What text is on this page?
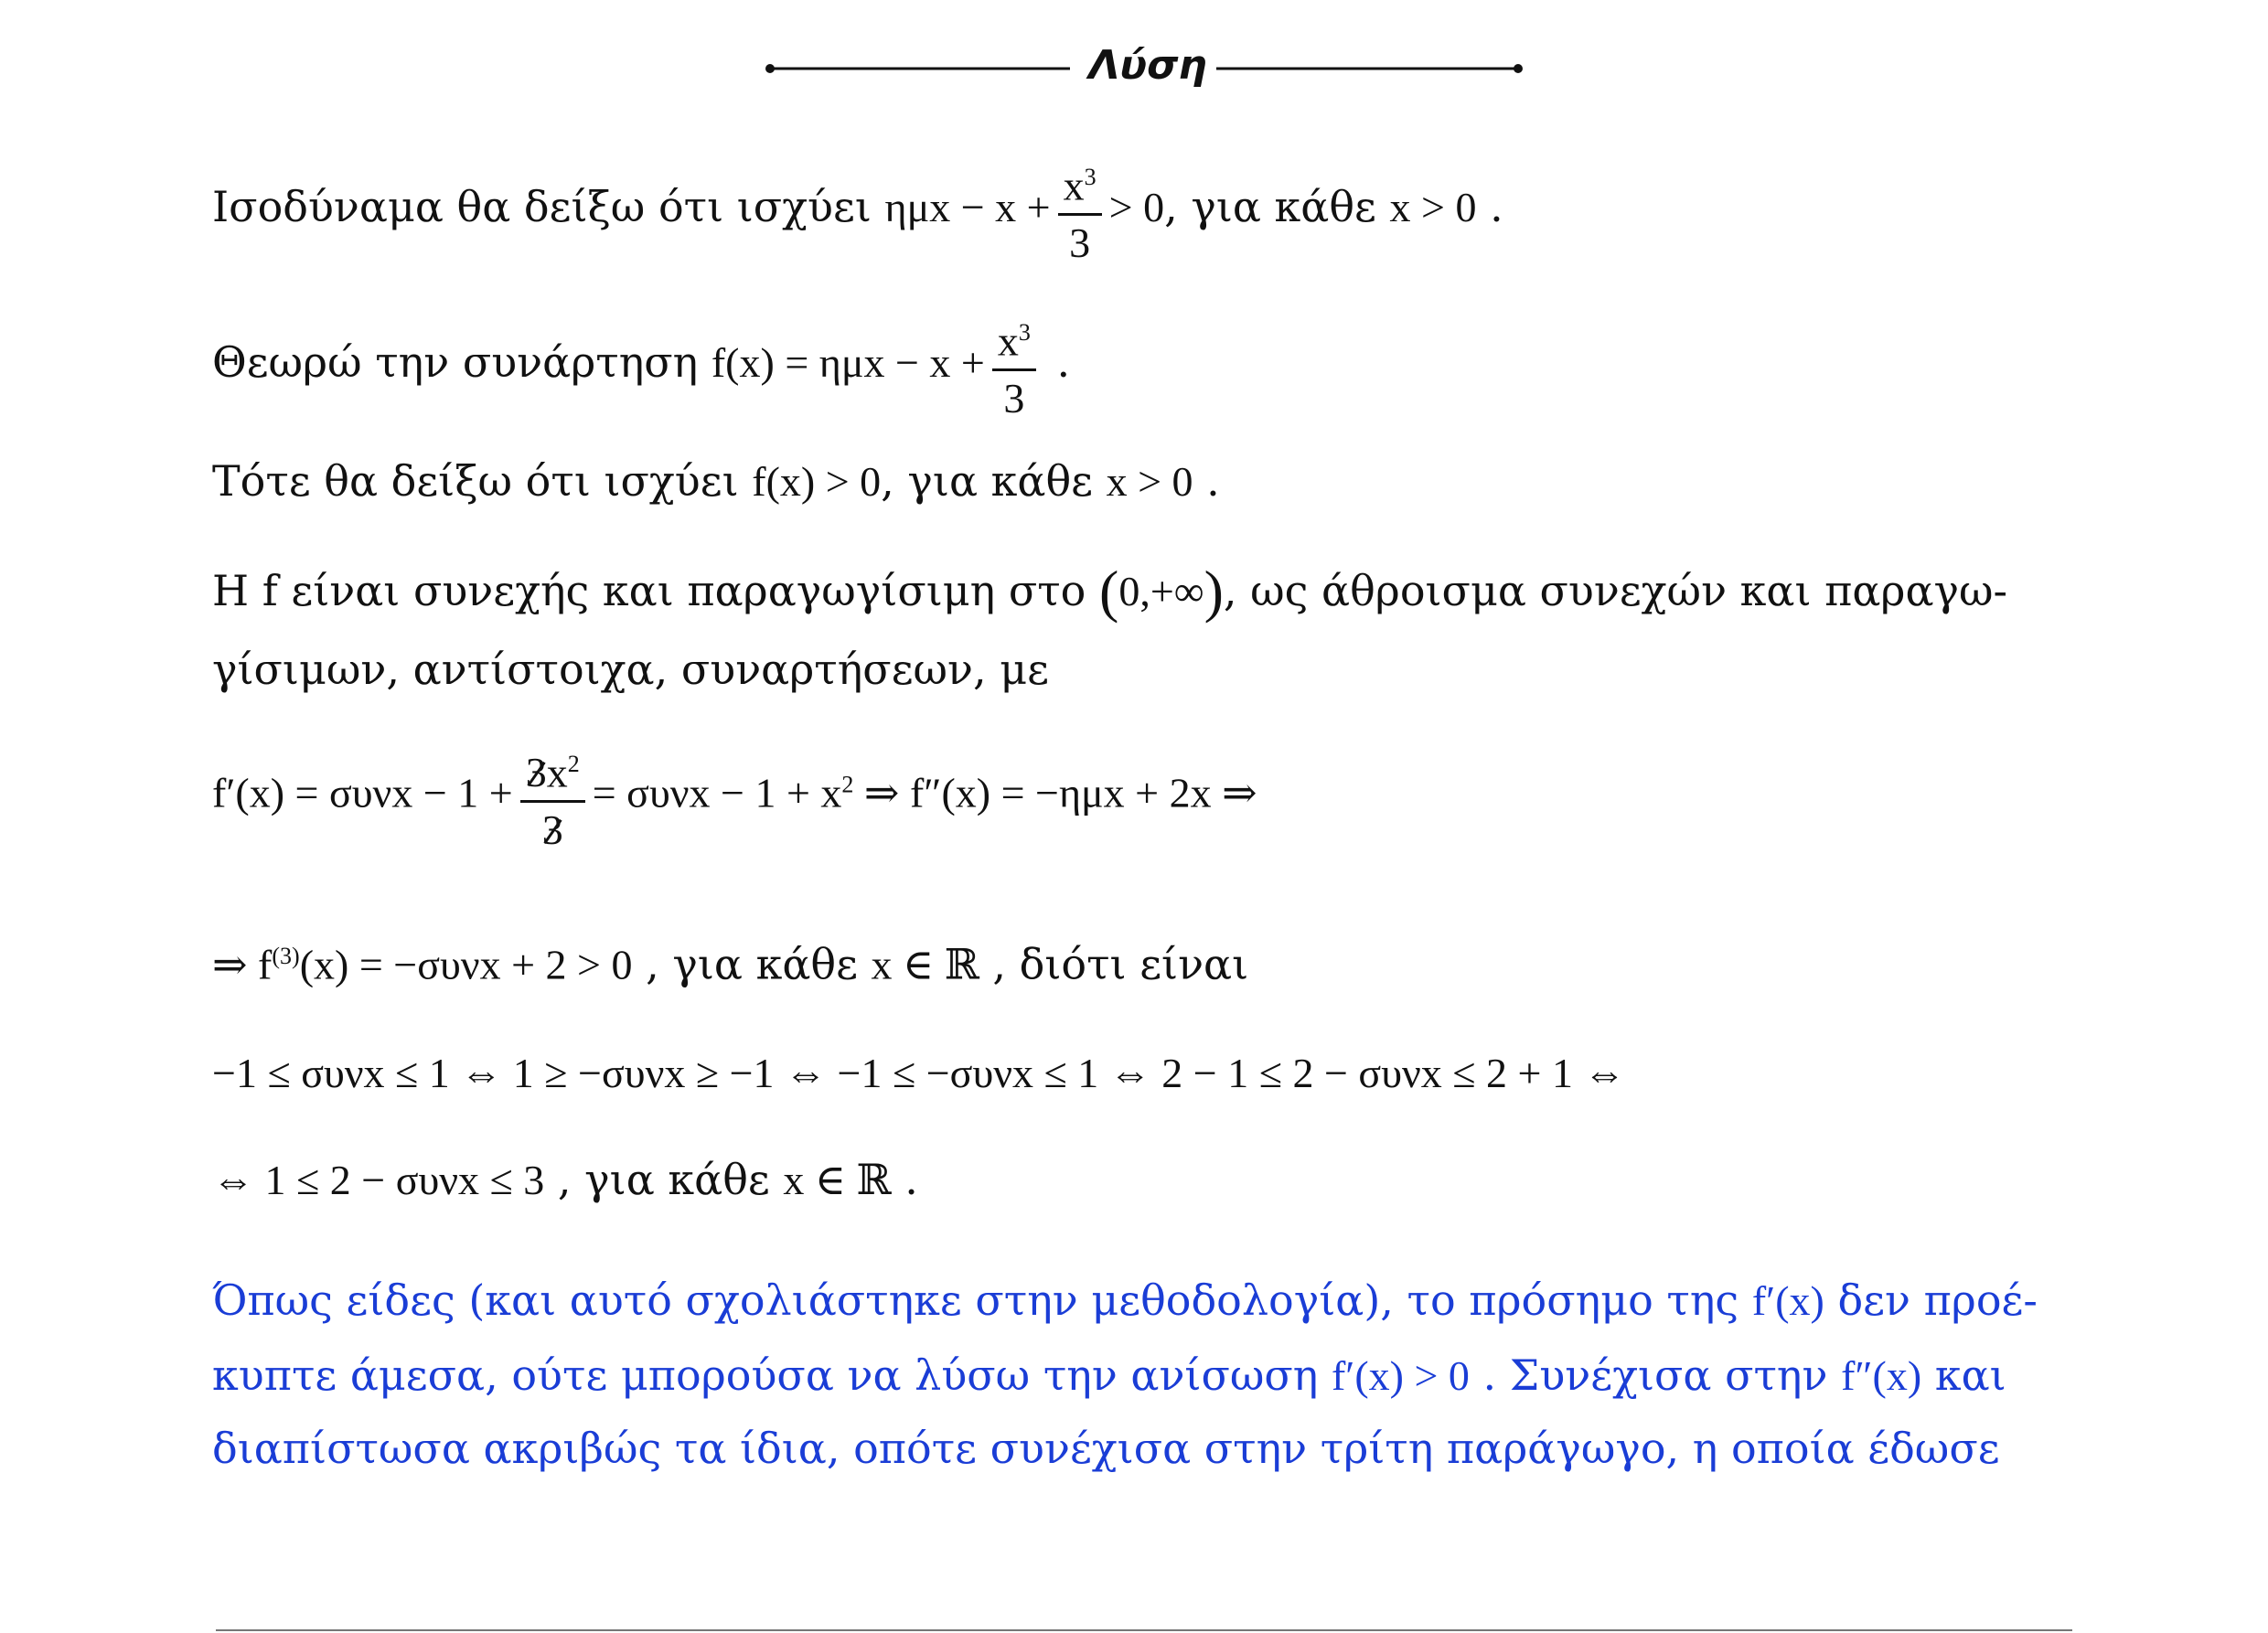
Λύση
Ισοδύναμα θα δείξω ότι ισχύει $\eta\mu x - x + \frac{x^3}{3} > 0$, για κάθε x > 0 .
Θεωρώ την συνάρτηση $f(x) = \eta\mu x - x + \frac{x^3}{3}$ .
Τότε θα δείξω ότι ισχύει f(x) > 0, για κάθε x > 0 .
Η f είναι συνεχής και παραγωγίσιμη στο (0,+∞), ως άθροισμα συνεχών και παραγω-
γίσιμων, αντίστοιχα, συναρτήσεων, με
$f'(x) = \sigma\upsilon\nu x - 1 + \frac{3x^2}{3} = \sigma\upsilon\nu x - 1 + x^2$ ⇒ f″(x) = −ημx + 2x ⇒
⇒ $f^{(3)}(x) = -\sigma\upsilon\nu x + 2 > 0$ , για κάθε x ∈ ℝ , διότι είναι
−1 ≤ συνx ≤ 1 ⇔ 1 ≥ −συνx ≥ −1 ⇔ −1 ≤ −συνx ≤ 1 ⇔ 2 − 1 ≤ 2 − συνx ≤ 2 + 1 ⇔
⇔ 1 ≤ 2 − συνx ≤ 3 , για κάθε x ∈ ℝ .
Όπως είδες (και αυτό σχολιάστηκε στην μεθοδολογία), το πρόσημο της f′(x) δεν προέ-
κυπτε άμεσα, ούτε μπορούσα να λύσω την ανίσωση f′(x) > 0 . Συνέχισα στην f″(x) και
διαπίστωσα ακριβώς τα ίδια, οπότε συνέχισα στην τρίτη παράγωγο, η οποία έδωσε
